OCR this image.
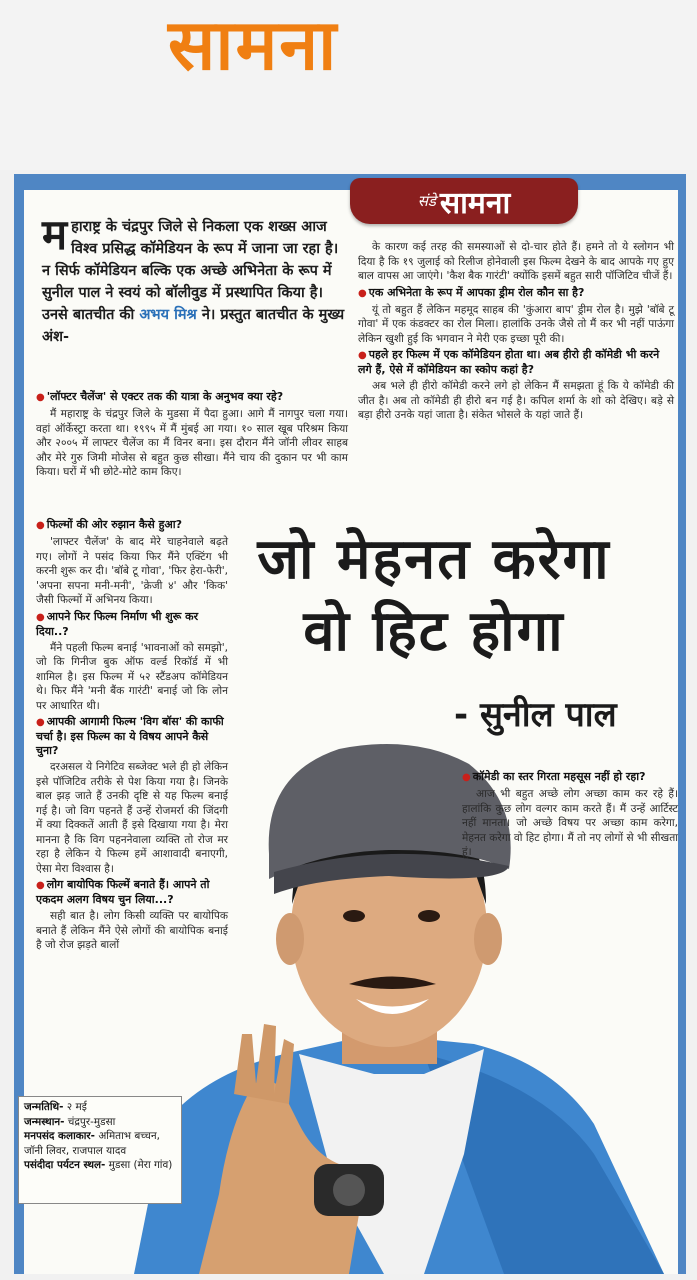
सामना
संडे सामना
म हाराष्ट्र के चंद्रपुर जिले से निकला एक शख्स आज विश्व प्रसिद्ध कॉमेडियन के रूप में जाना जा रहा है। न सिर्फ कॉमेडियन बल्कि एक अच्छे अभिनेता के रूप में सुनील पाल ने स्वयं को बॉलीवुड में प्रस्थापित किया है। उनसे बातचीत की अभय मिश्र ने। प्रस्तुत बातचीत के मुख्य अंश-
● 'लॉफ्टर चैलेंज' से एक्टर तक की यात्रा के अनुभव क्या रहे?

मैं महाराष्ट्र के चंद्रपुर जिले के मुडसा में पैदा हुआ। आगे मैं नागपुर चला गया। वहां ऑर्केस्ट्रा करता था। १९९५ में मैं मुंबई आ गया। १० साल खूब परिश्रम किया और २००५ में लाफ्टर चैलेंज का मैं विनर बना। इस दौरान मैंने जॉनी लीवर साहब और मेरे गुरु जिमी मोजेस से बहुत कुछ सीखा। मैंने चाय की दुकान पर भी काम किया। घरों में भी छोटे-मोटे काम किए।

● फिल्मों की ओर रुझान कैसे हुआ?

'लाफ्टर चैलेंज' के बाद मेरे चाहनेवाले बढ़ते गए। लोगों ने पसंद किया फिर मैंने एक्टिंग भी करनी शुरू कर दी। 'बॉबे टू गोवा', 'फिर हेरा-फेरी', 'अपना सपना मनी-मनी', 'क्रेजी ४' और 'किक' जैसी फिल्मों में अभिनय किया।

● आपने फिर फिल्म निर्माण भी शुरू कर दिया..?

मैंने पहली फिल्म बनाई 'भावनाओं को समझो', जो कि गिनीज बुक ऑफ वर्ल्ड रिकॉर्ड में भी शामिल है। इस फिल्म में ५२ स्टैंडअप कॉमेडियन थे। फिर मैंने 'मनी बैंक गारंटी' बनाई जो कि लोन पर आधारित थी।

● आपकी आगामी फिल्म 'विग बॉस' की काफी चर्चा है। इस फिल्म का ये विषय आपने कैसे चुना?

दरअसल ये निगेटिव सब्जेक्ट भले ही हो लेकिन इसे पॉजिटिव तरीके से पेश किया गया है। जिनके बाल झड़ जाते हैं उनकी दृष्टि से यह फिल्म बनाई गई है। जो विग पहनते हैं उन्हें रोजमर्रा की जिंदगी में क्या दिक्कतें आती हैं इसे दिखाया गया है। मेरा मानना है कि विग पहननेवाला व्यक्ति तो रोज मर रहा है लेकिन ये फिल्म हमें आशावादी बनाएगी, ऐसा मेरा विश्वास है।

● लोग बायोपिक फिल्में बनाते हैं। आपने तो एकदम अलग विषय चुन लिया...?

सही बात है। लोग किसी व्यक्ति पर बायोपिक बनाते हैं लेकिन मैंने ऐसे लोगों की बायोपिक बनाई है जो रोज झड़ते बालों

के कारण कई तरह की समस्याओं से दो-चार होते हैं। हमने तो ये स्लोगन भी दिया है कि १९ जुलाई को रिलीज होनेवाली इस फिल्म देखने के बाद आपके गए हुए बाल वापस आ जाएंगे। 'कैश बैक गारंटी' क्योंकि इसमें बहुत सारी पॉजिटिव चीजें हैं।

● एक अभिनेता के रूप में आपका ड्रीम रोल कौन सा है?

यूं तो बहुत हैं लेकिन महमूद साहब की 'कुंआरा बाप' ड्रीम रोल है। मुझे 'बॉबे टू गोवा' में एक कंडक्टर का रोल मिला। हालांकि उनके जैसे तो मैं कर भी नहीं पाऊंगा लेकिन खुशी हुई कि भगवान ने मेरी एक इच्छा पूरी की।

● पहले हर फिल्म में एक कॉमेडियन होता था। अब हीरो ही कॉमेडी भी करने लगे हैं, ऐसे में कॉमेडियन का स्कोप कहां है?

अब भले ही हीरो कॉमेडी करने लगे हो लेकिन मैं समझता हूं कि ये कॉमेडी की जीत है। अब तो कॉमेडी ही हीरो बन गई है। कपिल शर्मा के शो को देखिए। बड़े से बड़ा हीरो उनके यहां जाता है। संकेत भोसले के यहां जाते हैं।

जो मेहनत करेगा
वो हिट होगा
- सुनील पाल
● कॉमेडी का स्तर गिरता महसूस नहीं हो रहा?

आज भी बहुत अच्छे लोग अच्छा काम कर रहे हैं। हालांकि कुछ लोग वल्गर काम करते हैं। मैं उन्हें आर्टिस्ट नहीं मानता। जो अच्छे विषय पर अच्छा काम करेगा, मेहनत करेगा वो हिट होगा। मैं तो नए लोगों से भी सीखता हूं।

जन्मतिथि- २ मई
जन्मस्थान- चंद्रपुर-मुडसा
मनपसंद कलाकार- अमिताभ बच्चन, जॉनी लिवर, राजपाल यादव
पसंदीदा पर्यटन स्थल- मुडसा (मेरा गांव)
